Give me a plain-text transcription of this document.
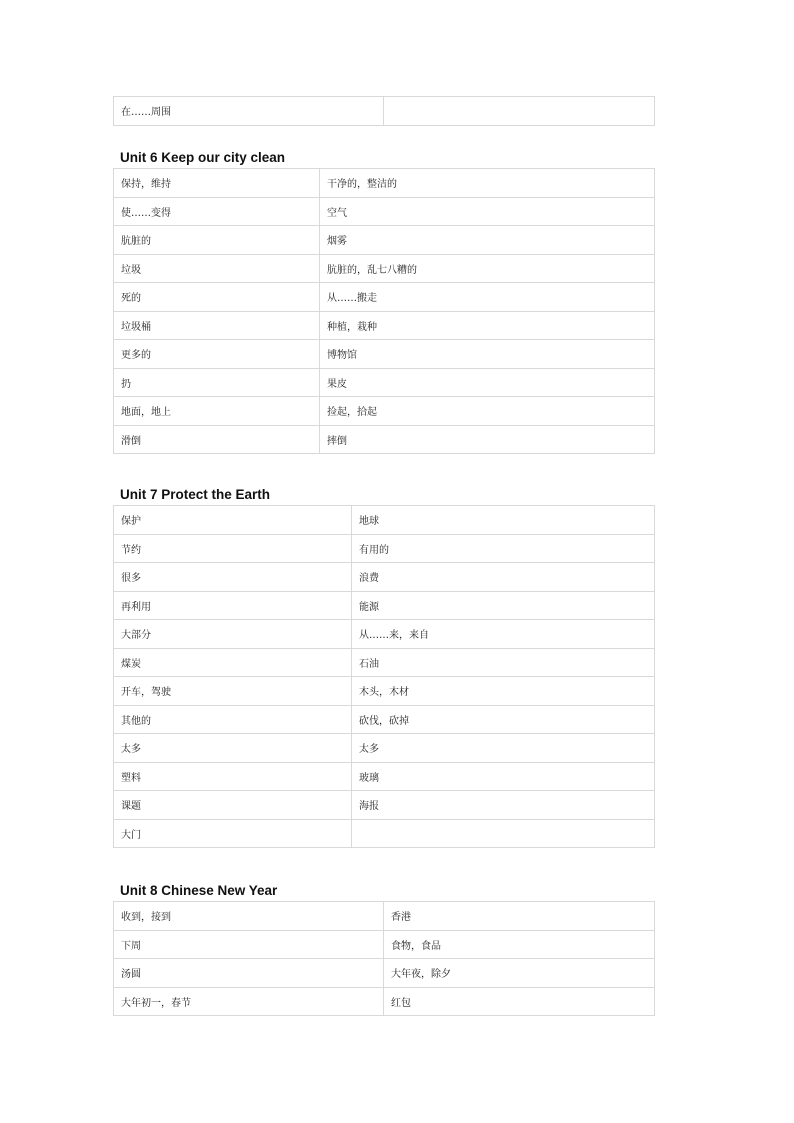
在……周围	
Unit 6 Keep our city clean
保持，维持	干净的，整洁的
使……变得	空气
肮脏的	烟雾
垃圾	肮脏的，乱七八糟的
死的	从……搬走
垃圾桶	种植，栽种
更多的	博物馆
扔	果皮
地面，地上	捡起，拾起
滑倒	摔倒
Unit 7 Protect the Earth
保护	地球
节约	有用的
很多	浪费
再利用	能源
大部分	从……来，来自
煤炭	石油
开车，驾驶	木头，木材
其他的	砍伐，砍掉
太多	太多
塑料	玻璃
课题	海报
大门	
Unit 8 Chinese New Year
收到，接到	香港
下周	食物，食品
汤圆	大年夜，除夕
大年初一，春节	红包
